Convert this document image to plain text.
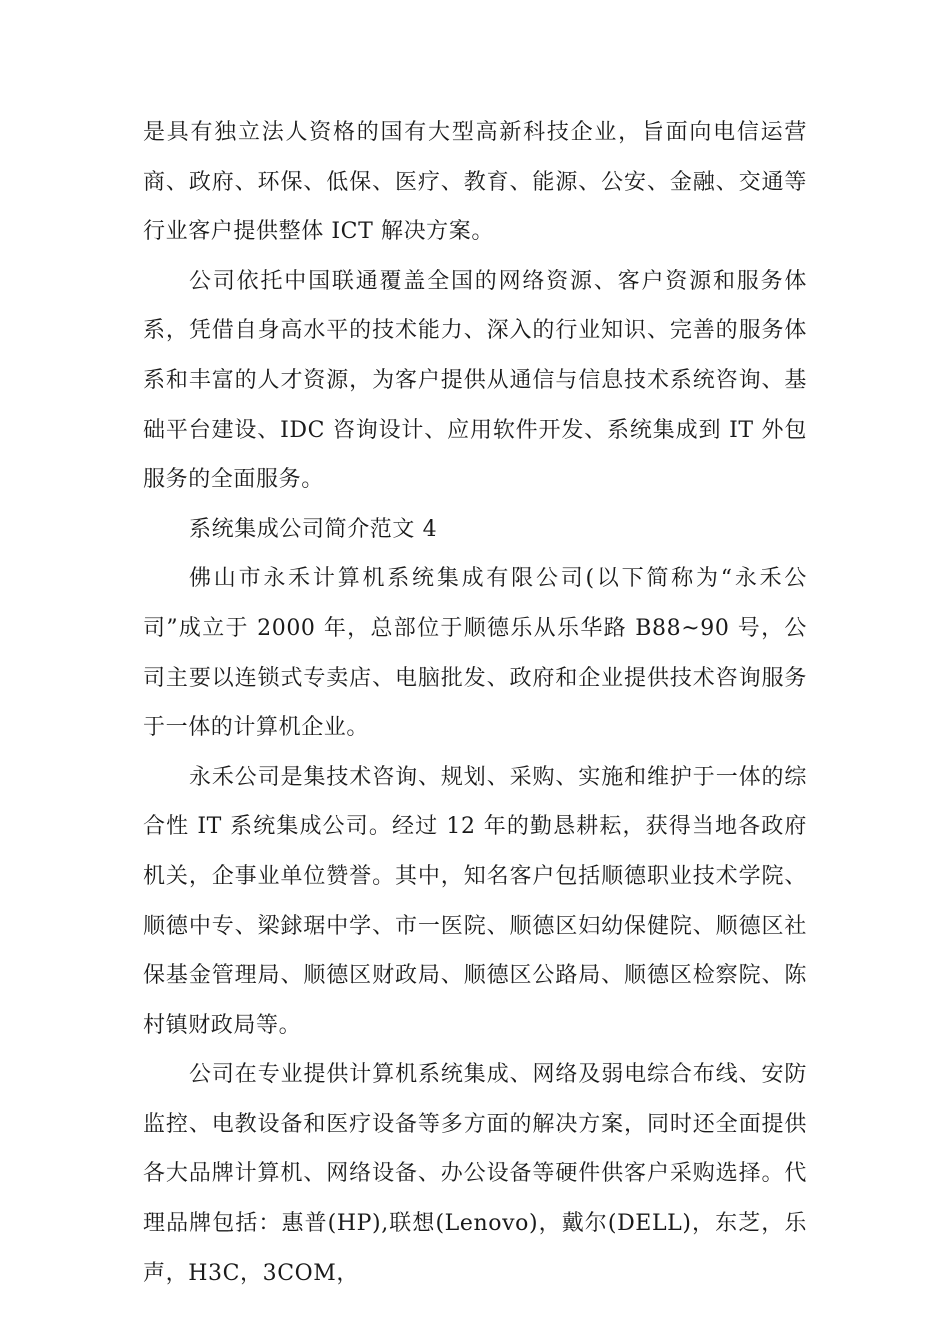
是具有独立法人资格的国有大型高新科技企业，旨面向电信运营商、政府、环保、低保、医疗、教育、能源、公安、金融、交通等行业客户提供整体 ICT 解决方案。

公司依托中国联通覆盖全国的网络资源、客户资源和服务体系，凭借自身高水平的技术能力、深入的行业知识、完善的服务体系和丰富的人才资源，为客户提供从通信与信息技术系统咨询、基础平台建设、IDC 咨询设计、应用软件开发、系统集成到 IT 外包服务的全面服务。

系统集成公司简介范文 4

佛山市永禾计算机系统集成有限公司(以下简称为“永禾公司”成立于 2000 年，总部位于顺德乐从乐华路 B88~90 号，公司主要以连锁式专卖店、电脑批发、政府和企业提供技术咨询服务于一体的计算机企业。

永禾公司是集技术咨询、规划、采购、实施和维护于一体的综合性 IT 系统集成公司。经过 12 年的勤恳耕耘，获得当地各政府机关，企事业单位赞誉。其中，知名客户包括顺德职业技术学院、顺德中专、梁銶琚中学、市一医院、顺德区妇幼保健院、顺德区社保基金管理局、顺德区财政局、顺德区公路局、顺德区检察院、陈村镇财政局等。

公司在专业提供计算机系统集成、网络及弱电综合布线、安防监控、电教设备和医疗设备等多方面的解决方案，同时还全面提供各大品牌计算机、网络设备、办公设备等硬件供客户采购选择。代理品牌包括：惠普(HP),联想(Lenovo)，戴尔(DELL)，东芝，乐声，H3C，3COM，
